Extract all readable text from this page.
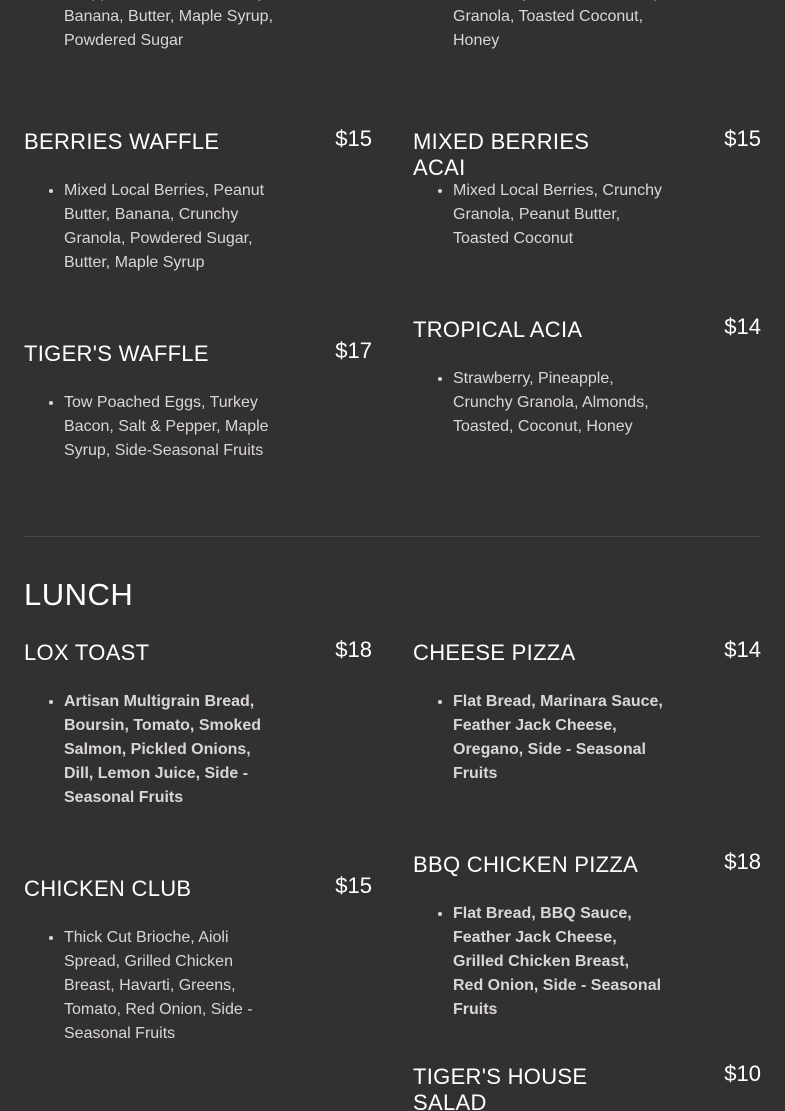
• Banana, Butter, Maple Syrup, Powdered Sugar
• Granola, Toasted Coconut, Honey
BERRIES WAFFLE	$15
• Mixed Local Berries, Peanut Butter, Banana, Crunchy Granola, Powdered Sugar, Butter, Maple Syrup
MIXED BERRIES ACAI
$15
• Mixed Local Berries, Crunchy Granola, Peanut Butter, Toasted Coconut
TIGER'S WAFFLE	$17
• Tow Poached Eggs, Turkey Bacon, Salt & Pepper, Maple Syrup, Side-Seasonal Fruits
TROPICAL ACIA	$14
• Strawberry, Pineapple, Crunchy Granola, Almonds, Toasted, Coconut, Honey
LUNCH
LOX TOAST	$18
• Artisan Multigrain Bread, Boursin, Tomato, Smoked Salmon, Pickled Onions, Dill, Lemon Juice, Side - Seasonal Fruits
CHEESE PIZZA	$14
• Flat Bread, Marinara Sauce, Feather Jack Cheese, Oregano, Side - Seasonal Fruits
CHICKEN CLUB	$15
• Thick Cut Brioche, Aioli Spread, Grilled Chicken Breast, Havarti, Greens, Tomato, Red Onion, Side - Seasonal Fruits
BBQ CHICKEN PIZZA	$18
• Flat Bread, BBQ Sauce, Feather Jack Cheese, Grilled Chicken Breast, Red Onion, Side - Seasonal Fruits
TIGER'S HOUSE SALAD
$10
